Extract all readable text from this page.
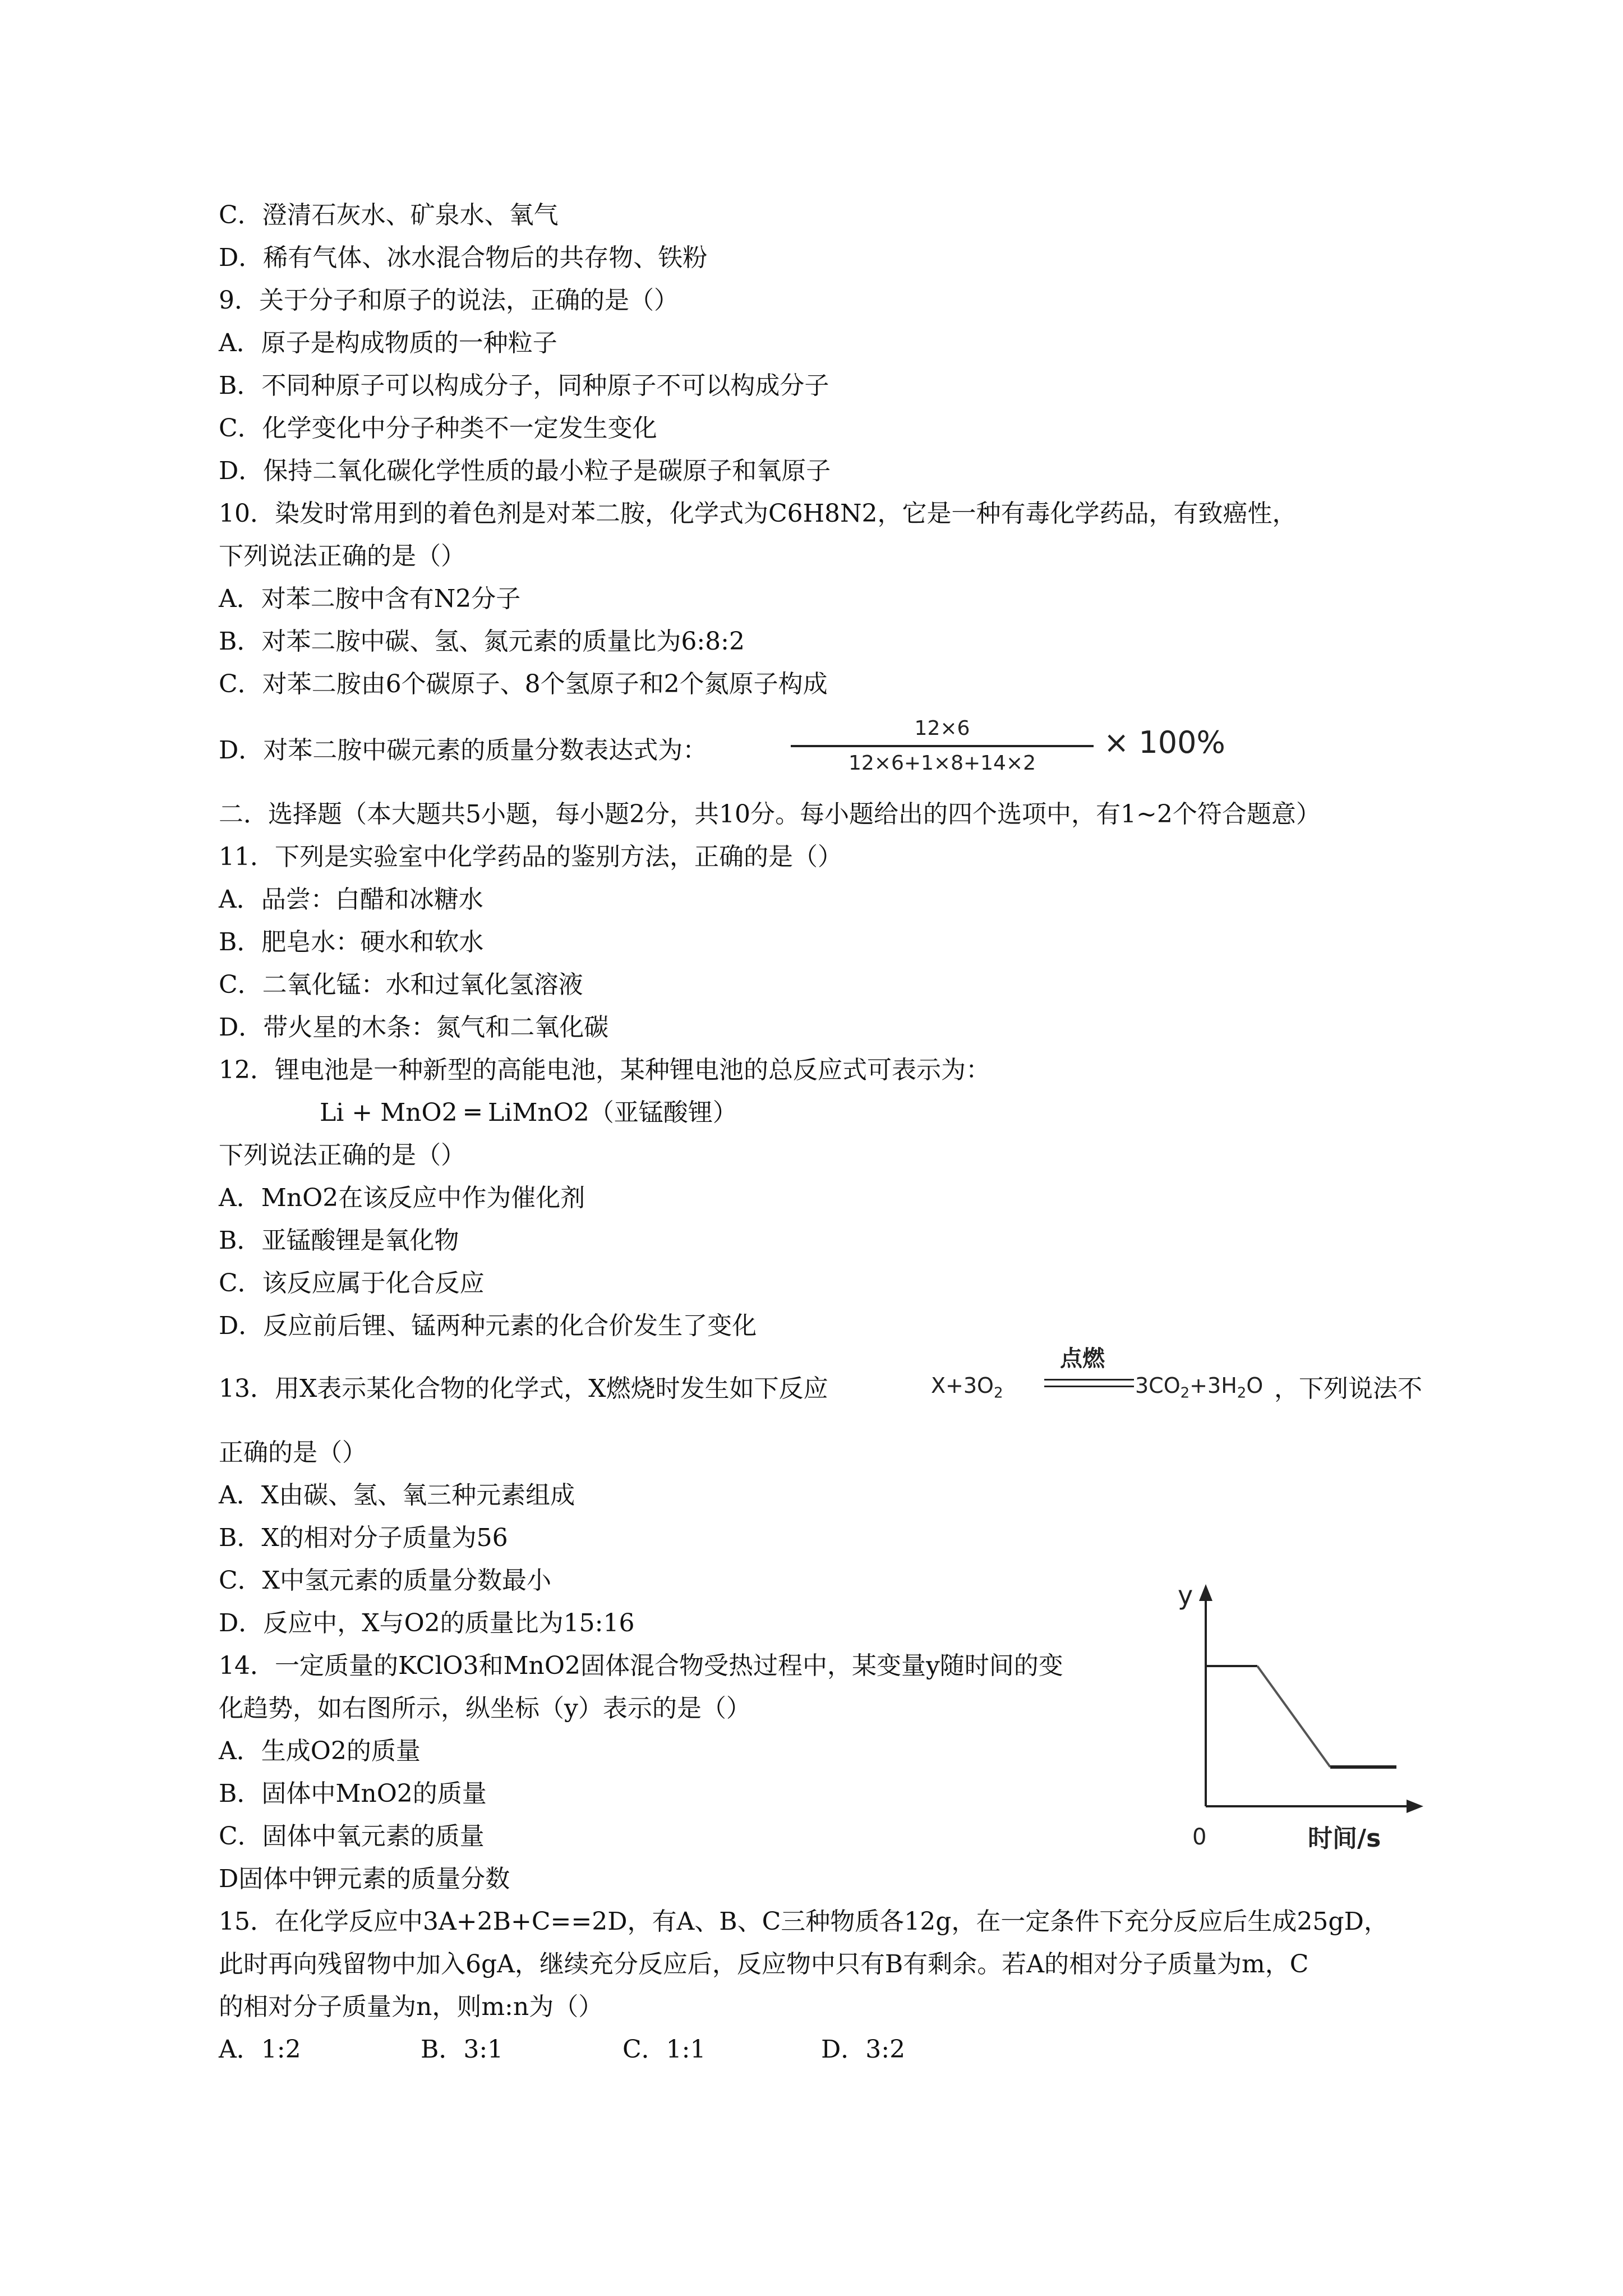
C．澄清石灰水、矿泉水、氧气
D．稀有气体、冰水混合物后的共存物、铁粉
9．关于分子和原子的说法，正确的是（）
A．原子是构成物质的一种粒子
B．不同种原子可以构成分子，同种原子不可以构成分子
C．化学变化中分子种类不一定发生变化
D．保持二氧化碳化学性质的最小粒子是碳原子和氧原子
10．染发时常用到的着色剂是对苯二胺，化学式为C6H8N2，它是一种有毒化学药品，有致癌性，
下列说法正确的是（）
A．对苯二胺中含有N2分子
B．对苯二胺中碳、氢、氮元素的质量比为6:8:2
C．对苯二胺由6个碳原子、8个氢原子和2个氮原子构成
D．对苯二胺中碳元素的质量分数表达式为：
12×6
12×6+1×8+14×2
× 100%
二．选择题（本大题共5小题，每小题2分，共10分。每小题给出的四个选项中，有1~2个符合题意）
11．下列是实验室中化学药品的鉴别方法，正确的是（）
A．品尝：白醋和冰糖水
B．肥皂水：硬水和软水
C．二氧化锰：水和过氧化氢溶液
D．带火星的木条：氮气和二氧化碳
12．锂电池是一种新型的高能电池，某种锂电池的总反应式可表示为：
Li + MnO2 ═ LiMnO2（亚锰酸锂）
下列说法正确的是（）
A．MnO2在该反应中作为催化剂
B．亚锰酸锂是氧化物
C．该反应属于化合反应
D．反应前后锂、锰两种元素的化合价发生了变化
13．用X表示某化合物的化学式，X燃烧时发生如下反应	$X+3O_2$
点燃
$3CO_2+3H_2O$ ，下列说法不
正确的是（）
A．X由碳、氢、氧三种元素组成
B．X的相对分子质量为56
C．X中氢元素的质量分数最小
D．反应中，X与O2的质量比为15:16
14．一定质量的KClO3和MnO2固体混合物受热过程中，某变量y随时间的变
化趋势，如右图所示，纵坐标（y）表示的是（）
A．生成O2的质量
B．固体中MnO2的质量
C．固体中氧元素的质量
D固体中钾元素的质量分数
y
0	时间/s
15．在化学反应中3A+2B+C==2D，有A、B、C三种物质各12g，在一定条件下充分反应后生成25gD，
此时再向残留物中加入6gA，继续充分反应后，反应物中只有B有剩余。若A的相对分子质量为m，C
的相对分子质量为n，则m:n为（）
A．1:2	B．3:1	C．1:1	D．3:2
